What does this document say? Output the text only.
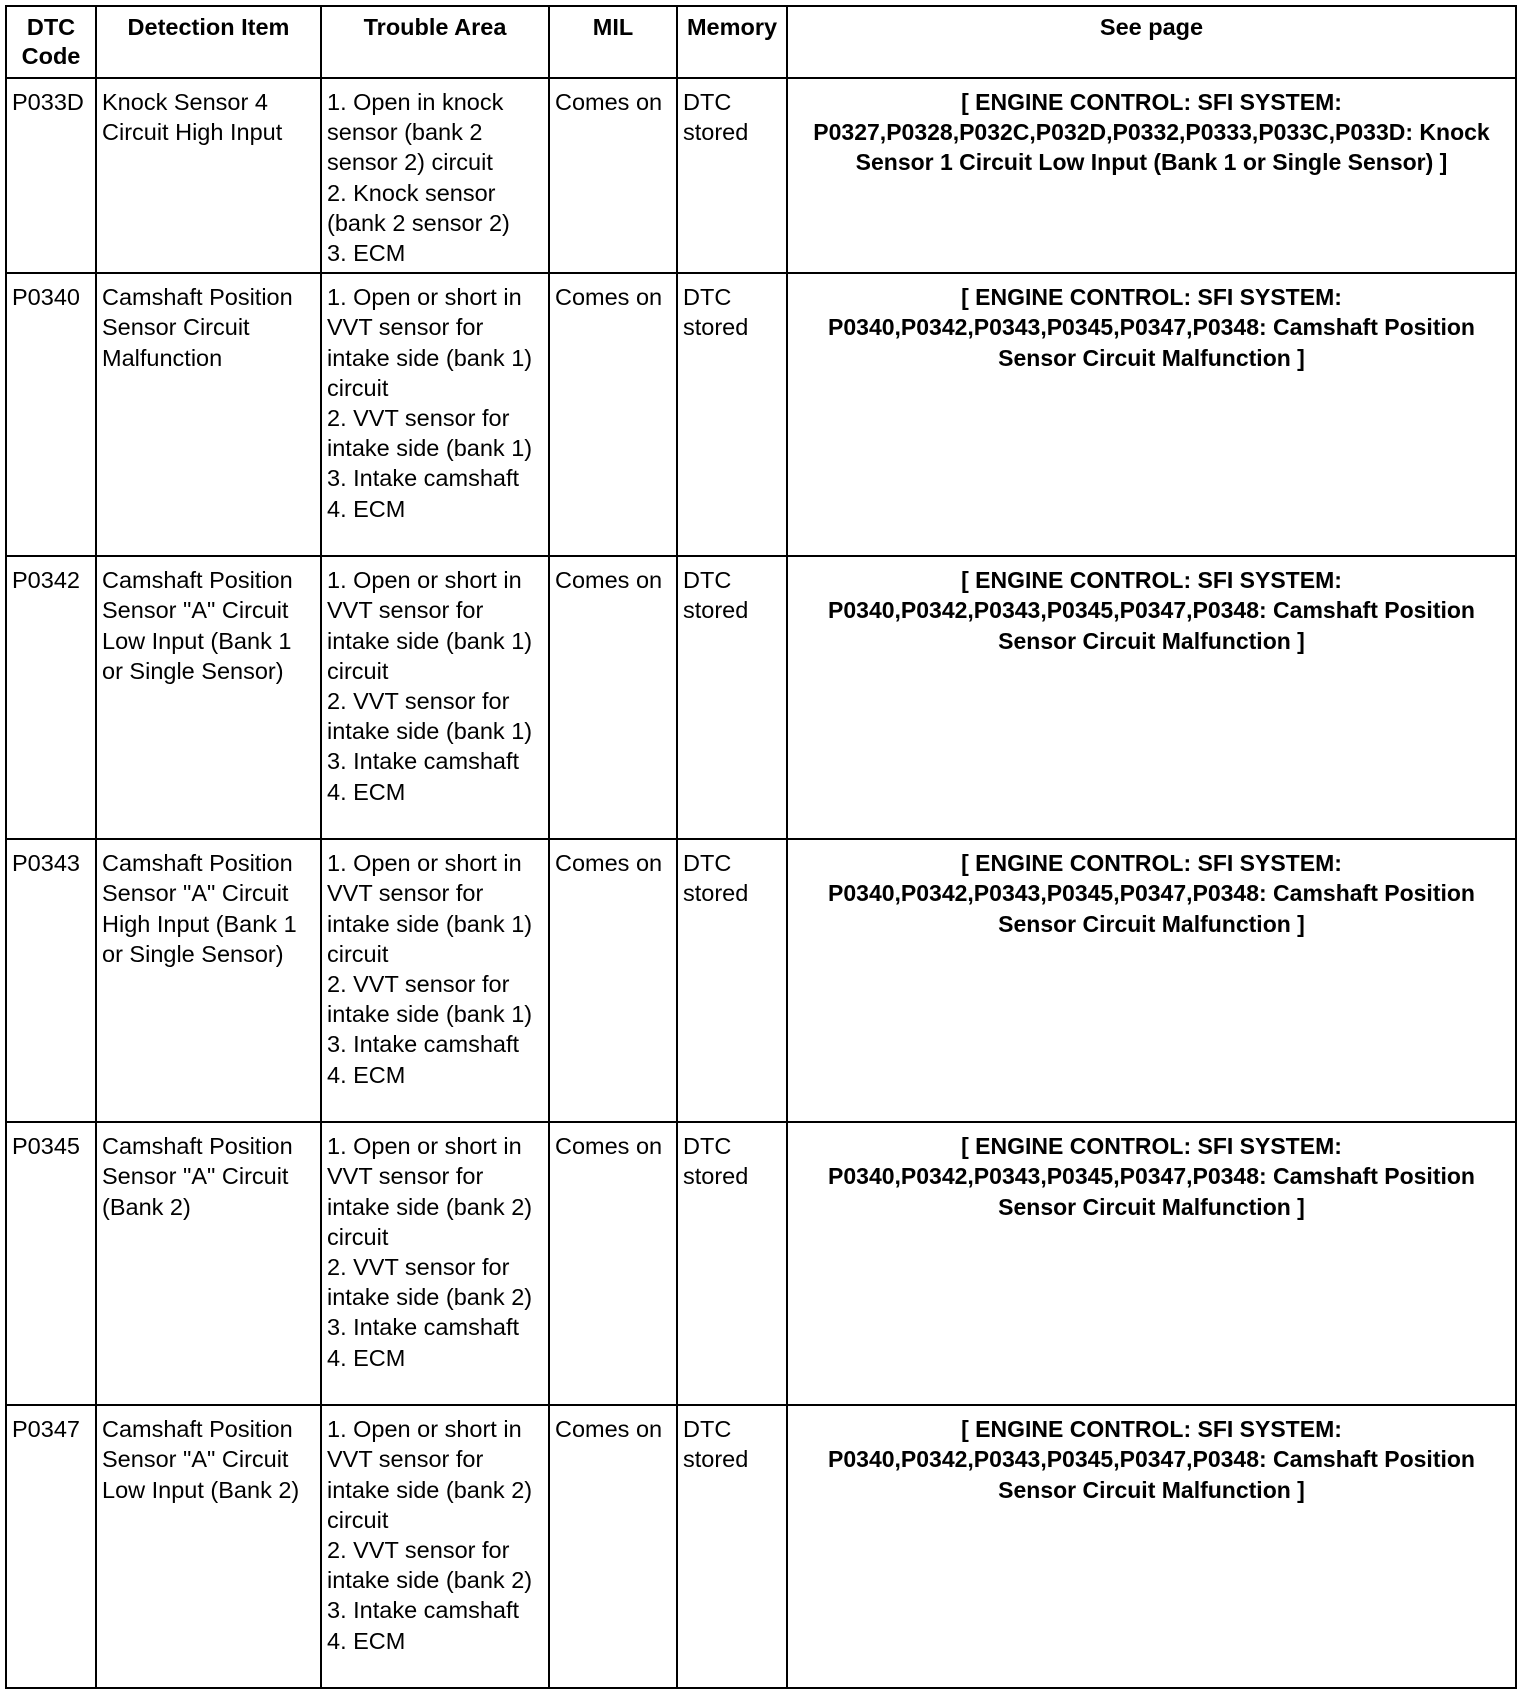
DTC Code	Detection Item	Trouble Area	MIL	Memory	See page
P033D	Knock Sensor 4 Circuit High Input	1. Open in knock sensor (bank 2 sensor 2) circuit
2. Knock sensor (bank 2 sensor 2)
3. ECM	Comes on	DTC stored	[ ENGINE CONTROL: SFI SYSTEM: P0327,P0328,P032C,P032D,P0332,P0333,P033C,P033D: Knock Sensor 1 Circuit Low Input (Bank 1 or Single Sensor) ]
P0340	Camshaft Position Sensor Circuit Malfunction	1. Open or short in VVT sensor for intake side (bank 1) circuit
2. VVT sensor for intake side (bank 1)
3. Intake camshaft
4. ECM	Comes on	DTC stored	[ ENGINE CONTROL: SFI SYSTEM: P0340,P0342,P0343,P0345,P0347,P0348: Camshaft Position Sensor Circuit Malfunction ]
P0342	Camshaft Position Sensor "A" Circuit Low Input (Bank 1 or Single Sensor)	1. Open or short in VVT sensor for intake side (bank 1) circuit
2. VVT sensor for intake side (bank 1)
3. Intake camshaft
4. ECM	Comes on	DTC stored	[ ENGINE CONTROL: SFI SYSTEM: P0340,P0342,P0343,P0345,P0347,P0348: Camshaft Position Sensor Circuit Malfunction ]
P0343	Camshaft Position Sensor "A" Circuit High Input (Bank 1 or Single Sensor)	1. Open or short in VVT sensor for intake side (bank 1) circuit
2. VVT sensor for intake side (bank 1)
3. Intake camshaft
4. ECM	Comes on	DTC stored	[ ENGINE CONTROL: SFI SYSTEM: P0340,P0342,P0343,P0345,P0347,P0348: Camshaft Position Sensor Circuit Malfunction ]
P0345	Camshaft Position Sensor "A" Circuit (Bank 2)	1. Open or short in VVT sensor for intake side (bank 2) circuit
2. VVT sensor for intake side (bank 2)
3. Intake camshaft
4. ECM	Comes on	DTC stored	[ ENGINE CONTROL: SFI SYSTEM: P0340,P0342,P0343,P0345,P0347,P0348: Camshaft Position Sensor Circuit Malfunction ]
P0347	Camshaft Position Sensor "A" Circuit Low Input (Bank 2)	1. Open or short in VVT sensor for intake side (bank 2) circuit
2. VVT sensor for intake side (bank 2)
3. Intake camshaft
4. ECM	Comes on	DTC stored	[ ENGINE CONTROL: SFI SYSTEM: P0340,P0342,P0343,P0345,P0347,P0348: Camshaft Position Sensor Circuit Malfunction ]
